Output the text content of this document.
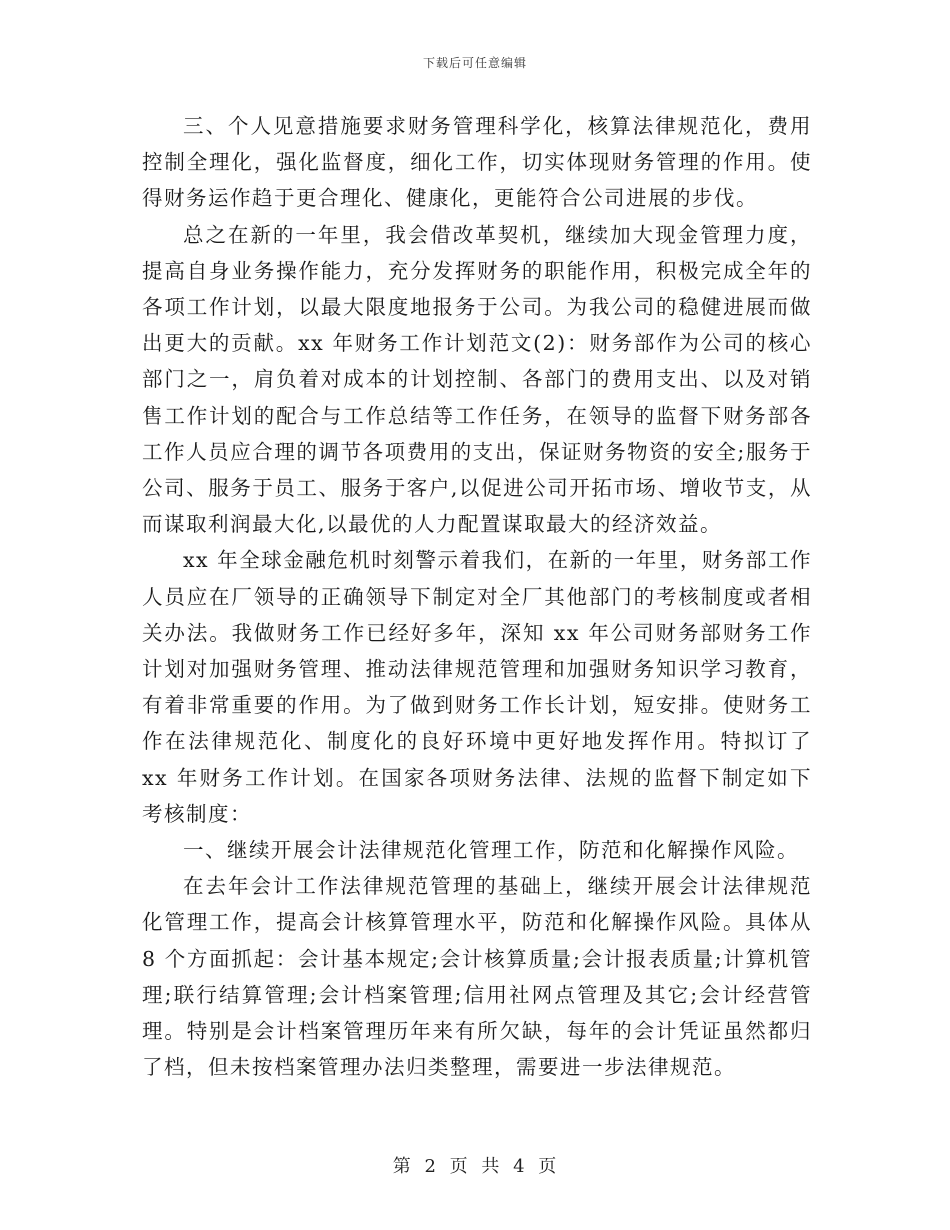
下载后可任意编辑

三、个人见意措施要求财务管理科学化，核算法律规范化，费用控制全理化，强化监督度，细化工作，切实体现财务管理的作用。使得财务运作趋于更合理化、健康化，更能符合公司进展的步伐。

总之在新的一年里，我会借改革契机，继续加大现金管理力度，提高自身业务操作能力，充分发挥财务的职能作用，积极完成全年的各项工作计划，以最大限度地报务于公司。为我公司的稳健进展而做出更大的贡献。xx 年财务工作计划范文(2)：财务部作为公司的核心部门之一，肩负着对成本的计划控制、各部门的费用支出、以及对销售工作计划的配合与工作总结等工作任务，在领导的监督下财务部各工作人员应合理的调节各项费用的支出，保证财务物资的安全;服务于公司、服务于员工、服务于客户,以促进公司开拓市场、增收节支，从而谋取利润最大化,以最优的人力配置谋取最大的经济效益。

xx 年全球金融危机时刻警示着我们，在新的一年里，财务部工作人员应在厂领导的正确领导下制定对全厂其他部门的考核制度或者相关办法。我做财务工作已经好多年，深知 xx 年公司财务部财务工作计划对加强财务管理、推动法律规范管理和加强财务知识学习教育，有着非常重要的作用。为了做到财务工作长计划，短安排。使财务工作在法律规范化、制度化的良好环境中更好地发挥作用。特拟订了 xx 年财务工作计划。在国家各项财务法律、法规的监督下制定如下考核制度：

一、继续开展会计法律规范化管理工作，防范和化解操作风险。

在去年会计工作法律规范管理的基础上，继续开展会计法律规范化管理工作，提高会计核算管理水平，防范和化解操作风险。具体从 8 个方面抓起：会计基本规定;会计核算质量;会计报表质量;计算机管理;联行结算管理;会计档案管理;信用社网点管理及其它;会计经营管理。特别是会计档案管理历年来有所欠缺，每年的会计凭证虽然都归了档，但未按档案管理办法归类整理，需要进一步法律规范。

第 2 页 共 4 页
